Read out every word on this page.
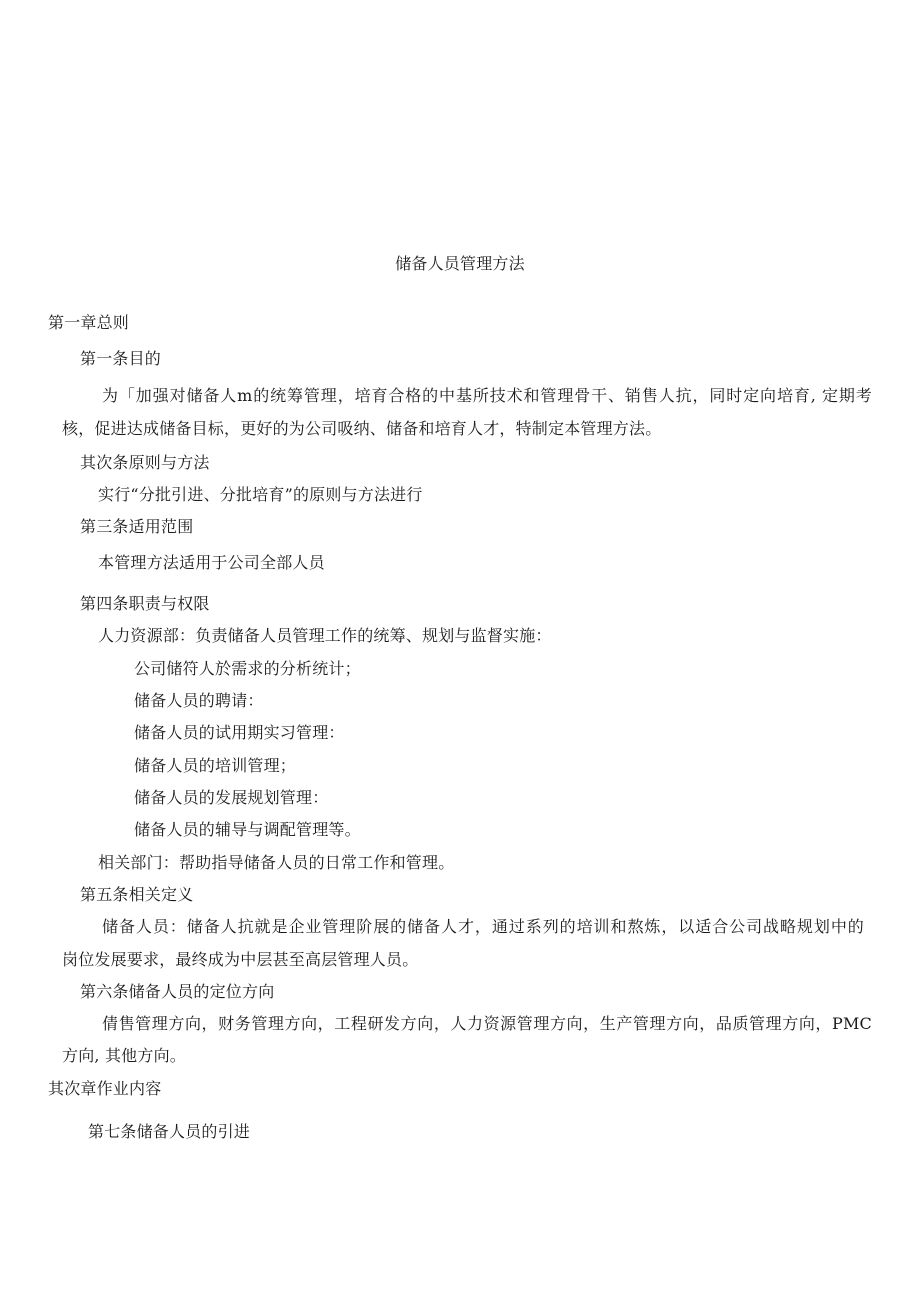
储备人员管理方法
第一章总则
第一条目的
为「加强对储备人m的统筹管理，培育合格的中基所技术和管理骨干、销售人抗，同时定向培育, 定期考
核，促进达成储备目标，更好的为公司吸纳、储备和培育人才，特制定本管理方法。
其次条原则与方法
实行“分批引进、分批培育”的原则与方法进行
第三条适用范围
本管理方法适用于公司全部人员
第四条职责与权限
人力资源部：负责储备人员管理工作的统筹、规划与监督实施：
公司储符人於需求的分析统计；
储备人员的聘请：
储备人员的试用期实习管理：
储备人员的培训管理；
储备人员的发展规划管理：
储备人员的辅导与调配管理等。
相关部门：帮助指导储备人员的日常工作和管理。
第五条相关定义
储备人员：储备人抗就是企业管理阶展的储备人才，通过系列的培训和熬炼，以适合公司战略规划中的
岗位发展要求，最终成为中层甚至高层管理人员。
第六条储备人员的定位方向
倩售管理方向，财务管理方向，工程研发方向，人力资源管理方向，生产管理方向，品质管理方向，PMC
方向, 其他方向。
其次章作业内容
第七条储备人员的引进
